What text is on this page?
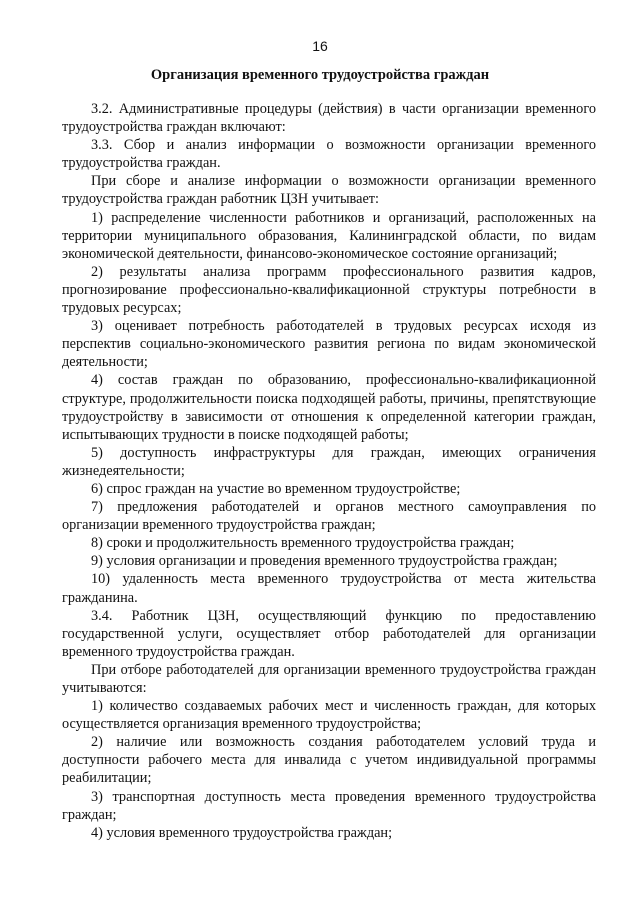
16
Организация временного трудоустройства граждан

3.2. Административные процедуры (действия) в части организации временного трудоустройства граждан включают:

3.3. Сбор и анализ информации о возможности организации временного трудоустройства граждан.

При сборе и анализе информации о возможности организации временного трудоустройства граждан работник ЦЗН учитывает:

1) распределение численности работников и организаций, расположенных на территории муниципального образования, Калининградской области, по видам экономической деятельности, финансово-экономическое состояние организаций;

2) результаты анализа программ профессионального развития кадров, прогнозирование профессионально-квалификационной структуры потребности в трудовых ресурсах;

3) оценивает потребность работодателей в трудовых ресурсах исходя из перспектив социально-экономического развития региона по видам экономической деятельности;

4) состав граждан по образованию, профессионально-квалификационной структуре, продолжительности поиска подходящей работы, причины, препятствующие трудоустройству в зависимости от отношения к определенной категории граждан, испытывающих трудности в поиске подходящей работы;

5) доступность инфраструктуры для граждан, имеющих ограничения жизнедеятельности;

6) спрос граждан на участие во временном трудоустройстве;

7) предложения работодателей и органов местного самоуправления по организации временного трудоустройства граждан;

8) сроки и продолжительность временного трудоустройства граждан;

9) условия организации и проведения временного трудоустройства граждан;

10) удаленность места временного трудоустройства от места жительства гражданина.

3.4. Работник ЦЗН, осуществляющий функцию по предоставлению государственной услуги, осуществляет отбор работодателей для организации временного трудоустройства граждан.

При отборе работодателей для организации временного трудоустройства граждан учитываются:

1) количество создаваемых рабочих мест и численность граждан, для которых осуществляется организация временного трудоустройства;

2) наличие или возможность создания работодателем условий труда и доступности рабочего места для инвалида с учетом индивидуальной программы реабилитации;

3) транспортная доступность места проведения временного трудоустройства граждан;

4) условия временного трудоустройства граждан;
